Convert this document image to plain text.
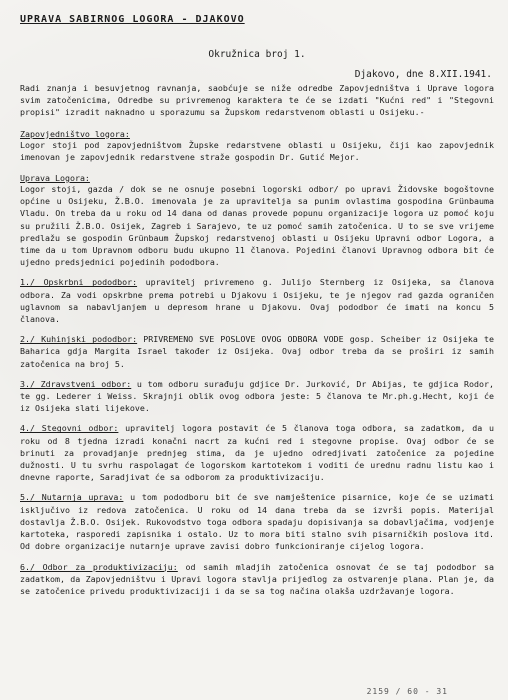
UPRAVA SABIRNOG LOGORA - DJAKOVO
Okružnica broj 1.
Djakovo, dne 8.XII.1941.

Radi znanja i besuvjetnog ravnanja, saobćuje se niže odredbe Zapovjedništva i Uprave logora svim zatočenicima, Odredbe su privremenog karaktera te će se izdati "Kućni red" i "Stegovni propisi" izradit naknadno u sporazumu sa Župskom redarstvenom oblasti u Osijeku.-

Zapovjedništvo logora:

Logor stoji pod zapovjedništvom Župske redarstvene oblasti u Osijeku, čiji kao zapovjednik imenovan je zapovjednik redarstvene straže gospodin Dr. Gutić Mejor.

Uprava Logora:

Logor stoji, gazda / dok se ne osnuje posebni logorski odbor/ po upravi Židovske bogoštovne općine u Osijeku, Ž.B.O. imenovala je za upravitelja sa punim ovlastima gospodina Grünbauma Vladu. On treba da u roku od 14 dana od danas provede popunu organizacije logora uz pomoć koju su pružili Ž.B.O. Osijek, Zagreb i Sarajevo, te uz pomoć samih zatočenica. U to se sve vrijeme predlažu se gospodin Grünbaum Župskoj redarstvenoj oblasti u Osijeku Upravni odbor Logora, a time da u tom Upravnom odboru budu ukupno 11 članova. Pojedini članovi Upravnog odbora bit će ujedno predsjednici pojedinih pododbora.

1./ Opskrbni pododbor: upravitelj privremeno g. Julijo Sternberg iz Osijeka, sa članova odbora. Za vodi opskrbne prema potrebi u Djakovu i Osijeku, te je njegov rad gazda ograničen uglavnom sa nabavljanjem u depresom hrane u Djakovu. Ovaj pododbor će imati na koncu 5 članova.

2./ Kuhinjski pododbor: PRIVREMENO SVE POSLOVE OVOG ODBORA VODE gosp. Scheiber iz Osijeka te Baharica gdja Margita Israel također iz Osijeka. Ovaj odbor treba da se proširi iz samih zatočenica na broj 5.

3./ Zdravstveni odbor: u tom odboru surađuju gdjice Dr. Jurković, Dr Abijas, te gdjica Rodor, te gg. Lederer i Weiss. Skrajnji oblik ovog odbora jeste: 5 članova te Mr.ph.g.Hecht, koji će iz Osijeka slati lijekove.

4./ Stegovni odbor: upravitelj logora postavit će 5 članova toga odbora, sa zadatkom, da u roku od 8 tjedna izradi konačni nacrt za kućni red i stegovne propise. Ovaj odbor će se brinuti za provadjanje prednjeg stima, da je ujedno odredjivati zatočenice za pojedine dužnosti. U tu svrhu raspolagat će logorskom kartotekom i voditi će urednu radnu listu kao i dnevne raporte, Saradjivat će sa odborom za produktivizaciju.

5./ Nutarnja uprava: u tom pododboru bit će sve namještenice pisarnice, koje će se uzimati isključivo iz redova zatočenica. U roku od 14 dana treba da se izvrši popis. Materijal dostavlja Ž.B.O. Osijek. Rukovodstvo toga odbora spadaju dopisivanja sa dobavljačima, vodjenje kartoteka, rasporedi zapisnika i ostalo. Uz to mora biti stalno svih pisarničkih poslova itd. Od dobre organizacije nutarnje uprave zavisi dobro funkcioniranje cijelog logora.

6./ Odbor za produktivizaciju: od samih mladjih zatočenica osnovat će se taj pododbor sa zadatkom, da Zapovjedništvu i Upravi logora stavlja prijedlog za ostvarenje plana. Plan je, da se zatočenice privedu produktivizaciji i da se sa tog načina olakša uzdržavanje logora.

2159 / 60 - 31
